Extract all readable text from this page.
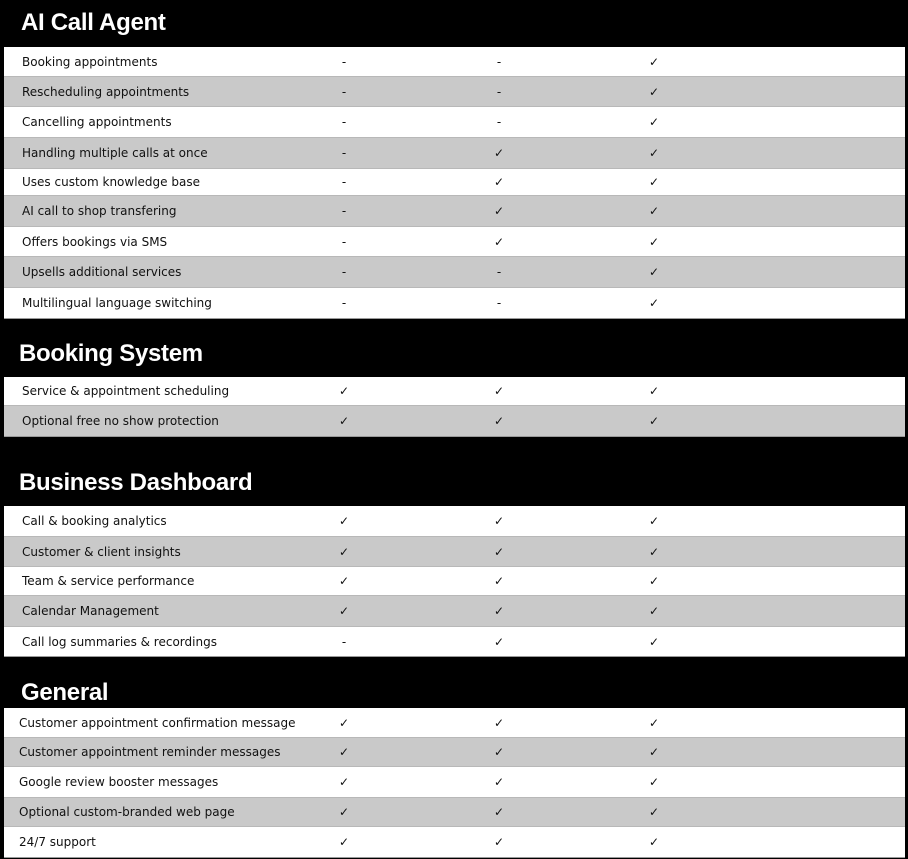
AI Call Agent
Booking appointments	-	-	✓
Rescheduling appointments	-	-	✓
Cancelling appointments	-	-	✓
Handling multiple calls at once	-	✓	✓
Uses custom knowledge base	-	✓	✓
AI call to shop transfering	-	✓	✓
Offers bookings via SMS	-	✓	✓
Upsells additional services	-	-	✓
Multilingual language switching	-	-	✓
Booking System
Service & appointment scheduling	✓	✓	✓
Optional free no show protection	✓	✓	✓
Business Dashboard
Call & booking analytics	✓	✓	✓
Customer & client insights	✓	✓	✓
Team & service performance	✓	✓	✓
Calendar Management	✓	✓	✓
Call log summaries & recordings	-	✓	✓
General
Customer appointment confirmation message	✓	✓	✓
Customer appointment reminder messages	✓	✓	✓
Google review booster messages	✓	✓	✓
Optional custom-branded web page	✓	✓	✓
24/7 support	✓	✓	✓
